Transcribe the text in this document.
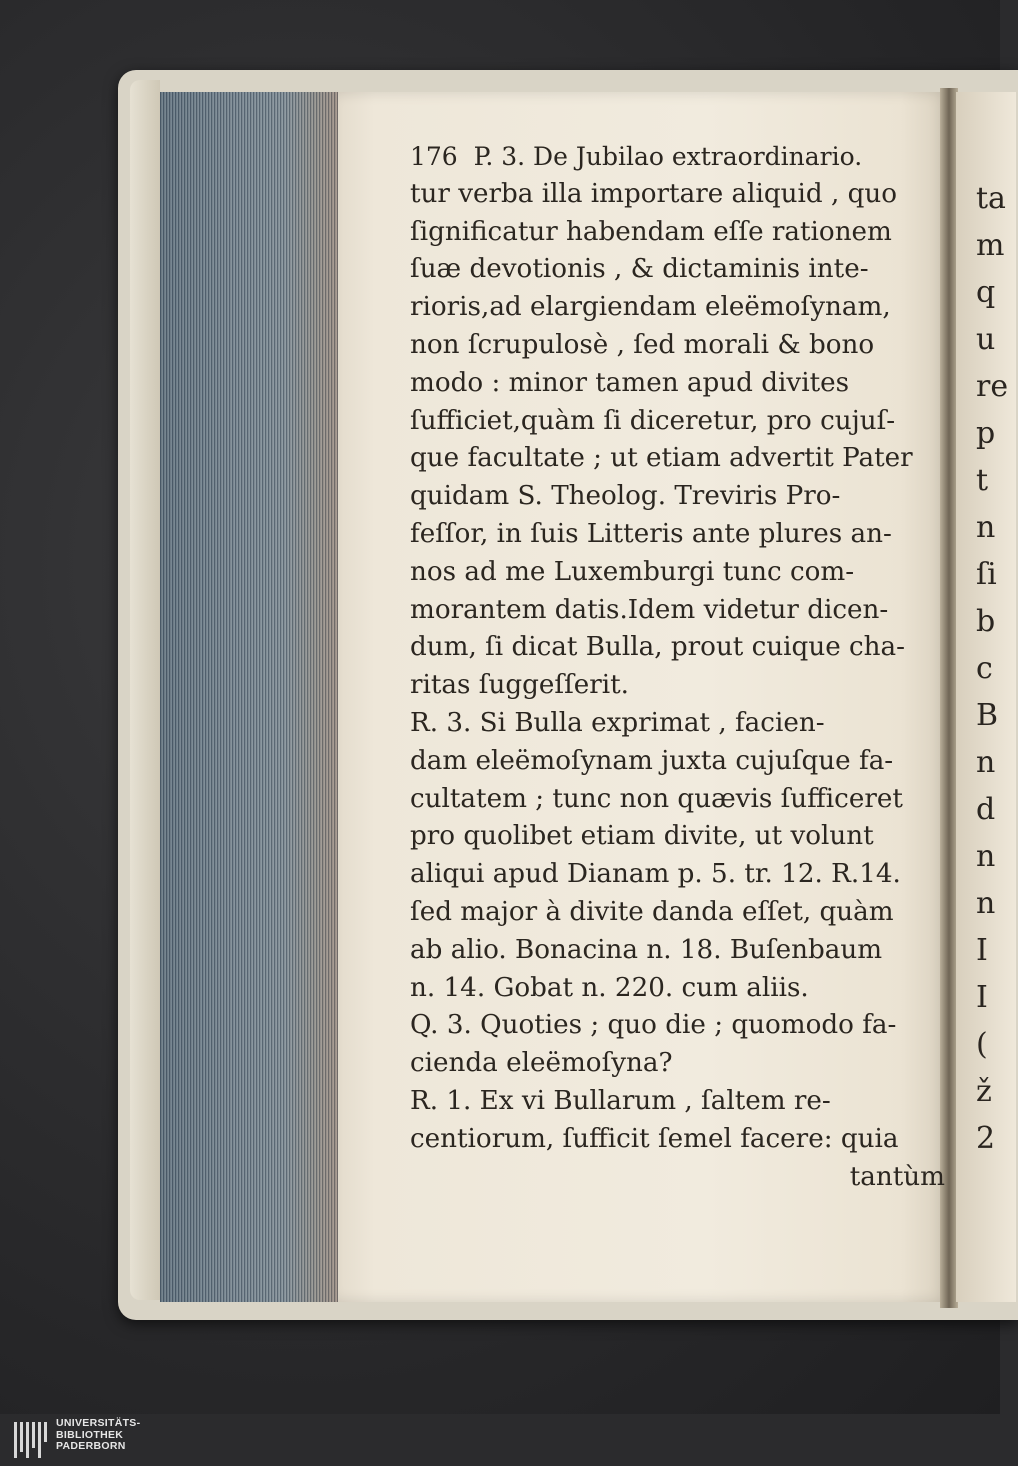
ta
m
q
u
re
p
t
n
ſi
b
c
B
n
d
n
n
I
I
(
ž
2
176  P. 3. De Jubilao extraordinario.
tur verba illa importare aliquid , quo
ſignificatur habendam eſſe rationem
ſuæ devotionis , & dictaminis inte-
rioris,ad elargiendam eleëmoſynam,
non ſcrupulosè , ſed morali & bono
modo : minor tamen apud divites
ſufficiet,quàm ſi diceretur, pro cujuſ-
que facultate ; ut etiam advertit Pater
quidam S. Theolog. Treviris Pro-
feſſor, in ſuis Litteris ante plures an-
nos ad me Luxemburgi tunc com-
morantem datis.Idem videtur dicen-
dum, ſi dicat Bulla, prout cuique cha-
ritas ſuggeſſerit.
R. 3. Si Bulla exprimat , facien-
dam eleëmoſynam juxta cujuſque fa-
cultatem ; tunc non quævis ſufficeret
pro quolibet etiam divite, ut volunt
aliqui apud Dianam p. 5. tr. 12. R.14.
ſed major à divite danda eſſet, quàm
ab alio. Bonacina n. 18. Buſenbaum
n. 14. Gobat n. 220. cum aliis.
Q. 3. Quoties ; quo die ; quomodo fa-
cienda eleëmoſyna?
R. 1. Ex vi Bullarum , ſaltem re-
centiorum, ſufficit ſemel facere: quia
tantùm
UNIVERSITÄTS-
BIBLIOTHEK
PADERBORN
